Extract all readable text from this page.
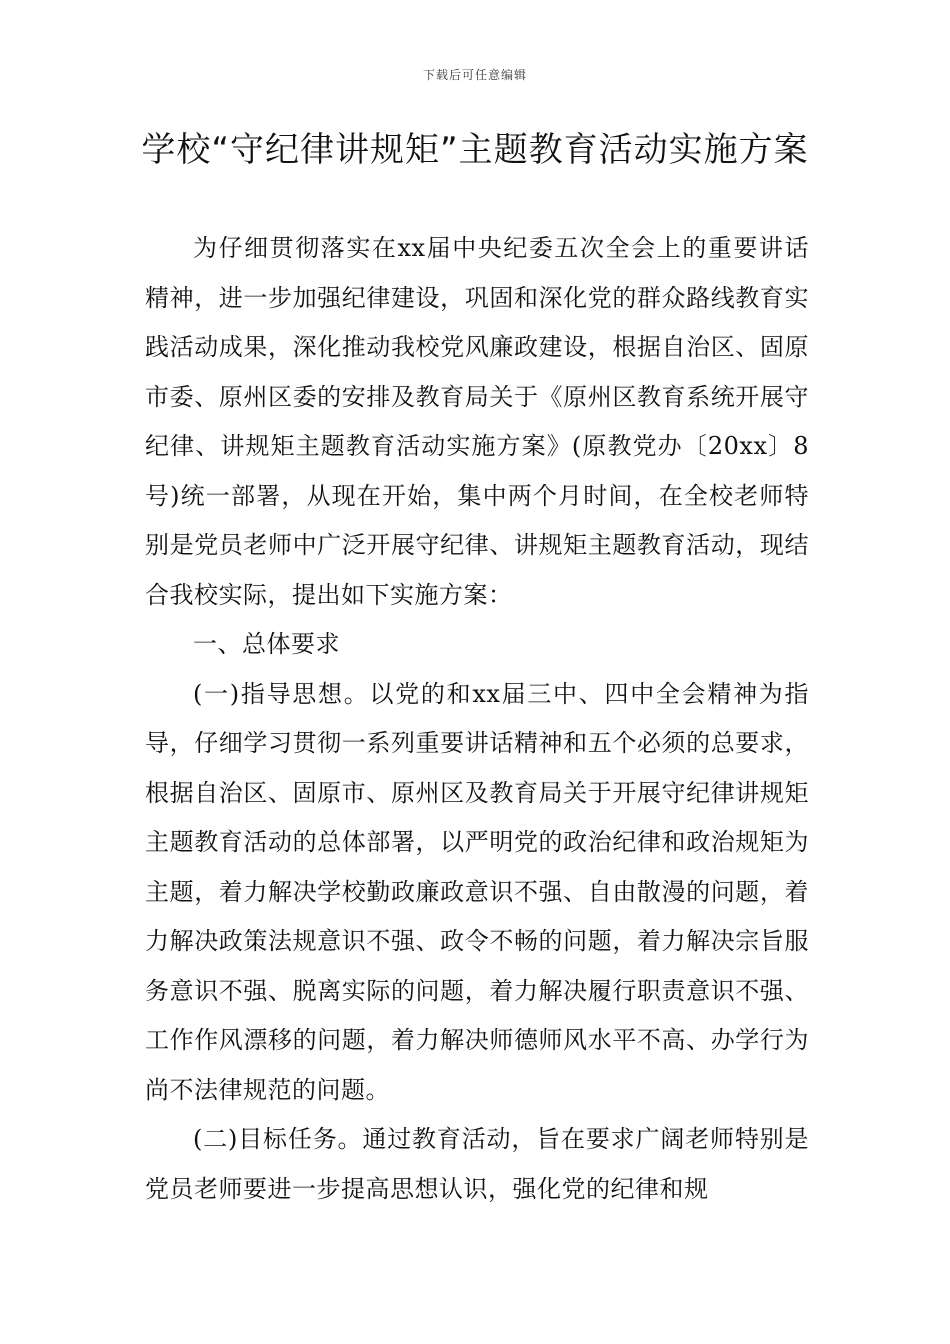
下载后可任意编辑
学校“守纪律讲规矩”主题教育活动实施方案

为仔细贯彻落实在xx届中央纪委五次全会上的重要讲话精神，进一步加强纪律建设，巩固和深化党的群众路线教育实践活动成果，深化推动我校党风廉政建设，根据自治区、固原市委、原州区委的安排及教育局关于《原州区教育系统开展守纪律、讲规矩主题教育活动实施方案》(原教党办〔20xx〕8号)统一部署，从现在开始，集中两个月时间，在全校老师特别是党员老师中广泛开展守纪律、讲规矩主题教育活动，现结合我校实际，提出如下实施方案：

一、总体要求

(一)指导思想。以党的和xx届三中、四中全会精神为指导，仔细学习贯彻一系列重要讲话精神和五个必须的总要求，根据自治区、固原市、原州区及教育局关于开展守纪律讲规矩主题教育活动的总体部署，以严明党的政治纪律和政治规矩为主题，着力解决学校勤政廉政意识不强、自由散漫的问题，着力解决政策法规意识不强、政令不畅的问题，着力解决宗旨服务意识不强、脱离实际的问题，着力解决履行职责意识不强、工作作风漂移的问题，着力解决师德师风水平不高、办学行为尚不法律规范的问题。

(二)目标任务。通过教育活动，旨在要求广阔老师特别是党员老师要进一步提高思想认识，强化党的纪律和规
